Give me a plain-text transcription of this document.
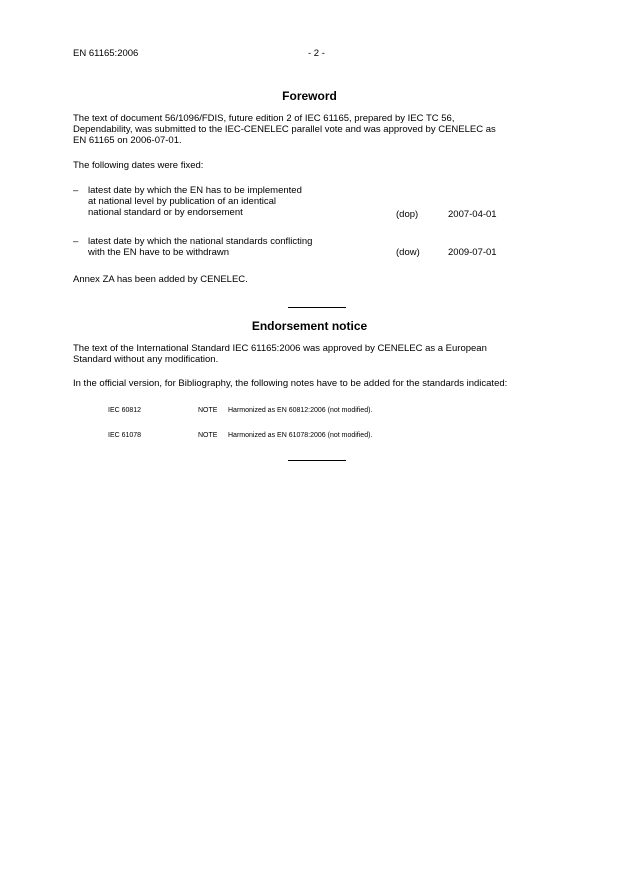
EN 61165:2006	- 2 -
Foreword
The text of document 56/1096/FDIS, future edition 2 of IEC 61165, prepared by IEC TC 56,
Dependability, was submitted to the IEC-CENELEC parallel vote and was approved by CENELEC as
EN 61165 on 2006-07-01.
The following dates were fixed:
– latest date by which the EN has to be implemented
at national level by publication of an identical
national standard or by endorsement	(dop)	2007-04-01
– latest date by which the national standards conflicting
with the EN have to be withdrawn	(dow)	2009-07-01
Annex ZA has been added by CENELEC.
Endorsement notice
The text of the International Standard IEC 61165:2006 was approved by CENELEC as a European
Standard without any modification.
In the official version, for Bibliography, the following notes have to be added for the standards indicated:
IEC 60812	NOTE Harmonized as EN 60812:2006 (not modified).
IEC 61078	NOTE Harmonized as EN 61078:2006 (not modified).
